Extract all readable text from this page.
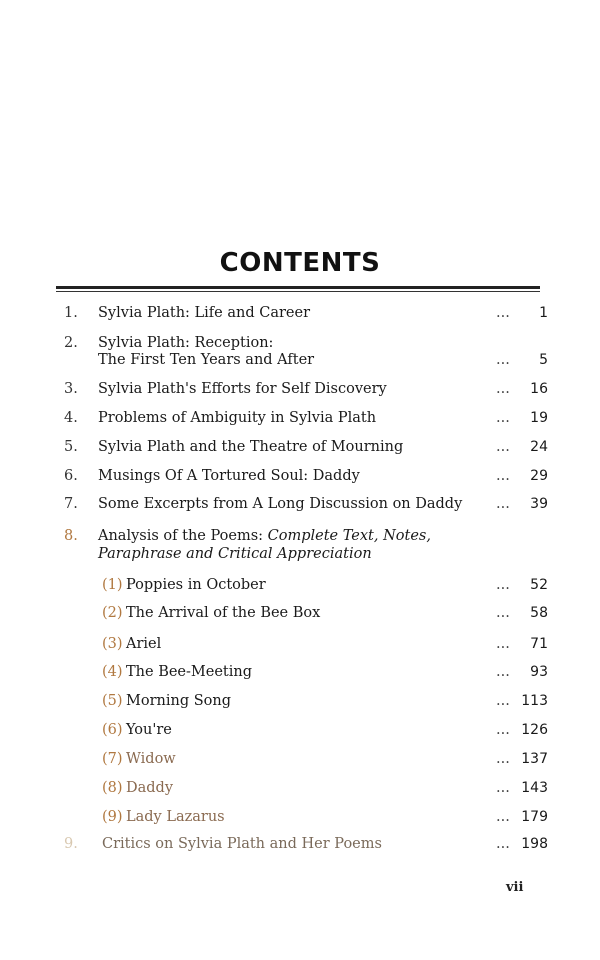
CONTENTS
1. Sylvia Plath: Life and Career	... 1
2. Sylvia Plath: Reception:
The First Ten Years and After	... 5
3. Sylvia Plath's Efforts for Self Discovery	... 16
4. Problems of Ambiguity in Sylvia Plath	... 19
5. Sylvia Plath and the Theatre of Mourning	... 24
6. Musings Of A Tortured Soul: Daddy	... 29
7. Some Excerpts from A Long Discussion on Daddy ... 39
8. Analysis of the Poems: Complete Text, Notes,
Paraphrase and Critical Appreciation
(1) Poppies in October	... 52
(2) The Arrival of the Bee Box	... 58
(3) Ariel	... 71
(4) The Bee-Meeting	... 93
(5) Morning Song	... 113
(6) You're	... 126
(7) Widow	... 137
(8) Daddy	... 143
(9) Lady Lazarus	... 179
9. Critics on Sylvia Plath and Her Poems	... 198
vii
